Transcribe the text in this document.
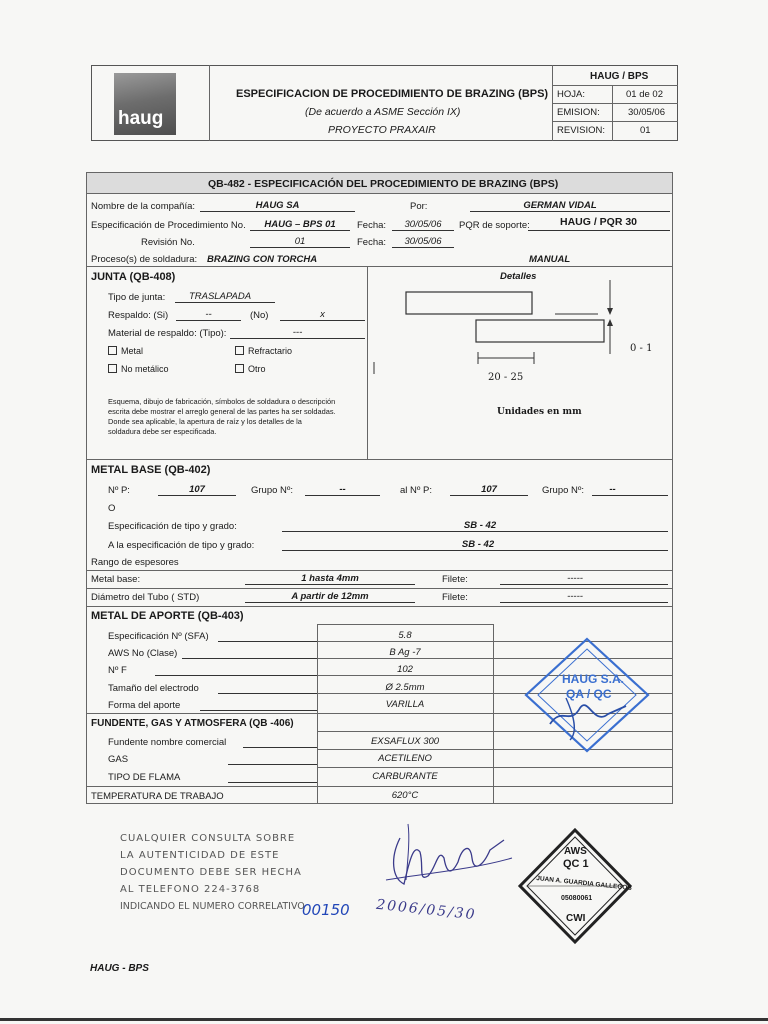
haug
ESPECIFICACION DE PROCEDIMIENTO DE BRAZING (BPS)
(De acuerdo a ASME Sección IX)
PROYECTO PRAXAIR
HAUG / BPS
HOJA:	01 de 02
EMISION:	30/05/06
REVISION:	01
QB-482 - ESPECIFICACIÓN DEL PROCEDIMIENTO DE BRAZING (BPS)
Nombre de la compañía:	HAUG SA	Por:	GERMAN VIDAL
Especificación de Procedimiento No.	HAUG – BPS 01	Fecha:	30/05/06	PQR de soporte:	HAUG / PQR 30
Revisión No.	01	Fecha:	30/05/06
Proceso(s) de soldadura: BRAZING CON TORCHA	MANUAL
JUNTA (QB-408)	Detalles
Tipo de junta:	TRASLAPADA
Respaldo: (Si)	--	(No)	x
Material de respaldo: (Tipo):	---
Metal	Refractario
No metálico	Otro
Esquema, dibujo de fabricación, símbolos de soldadura o descripción
escrita debe mostrar el arreglo general de las partes ha ser soldadas.
Donde sea aplicable, la apertura de raíz y los detalles de la
soldadura debe ser especificada.
0 - 1
20 - 25
Unidades en mm
METAL BASE (QB-402)
Nº P:	107	Grupo Nº:	--	al Nº P:	107	Grupo Nº:	--
O
Especificación de tipo y grado:	SB - 42
A la especificación de tipo y grado:	SB - 42
Rango de espesores
Metal base:	1 hasta 4mm	Filete:	-----
Diámetro del Tubo ( STD)	A partir de 12mm	Filete:	-----
METAL DE APORTE (QB-403)
Especificación Nº (SFA)	5.8
AWS No (Clase)	B Ag -7
Nº F	102
Tamaño del electrodo	Ø 2.5mm
Forma del aporte	VARILLA
FUNDENTE, GAS Y ATMOSFERA (QB -406)
Fundente nombre comercial	EXSAFLUX 300
GAS	ACETILENO
TIPO DE FLAMA	CARBURANTE
TEMPERATURA DE TRABAJO	620°C
HAUG S.A.
QA / QC
CUALQUIER CONSULTA SOBRE
LA AUTENTICIDAD DE ESTE
DOCUMENTO DEBE SER HECHA
AL TELEFONO 224-3768
INDICANDO EL NUMERO CORRELATIVO
00150 2006/05/30
AWS
QC 1
JUAN A. GUARDIA GALLEGOS
05080061
CWI
HAUG - BPS
